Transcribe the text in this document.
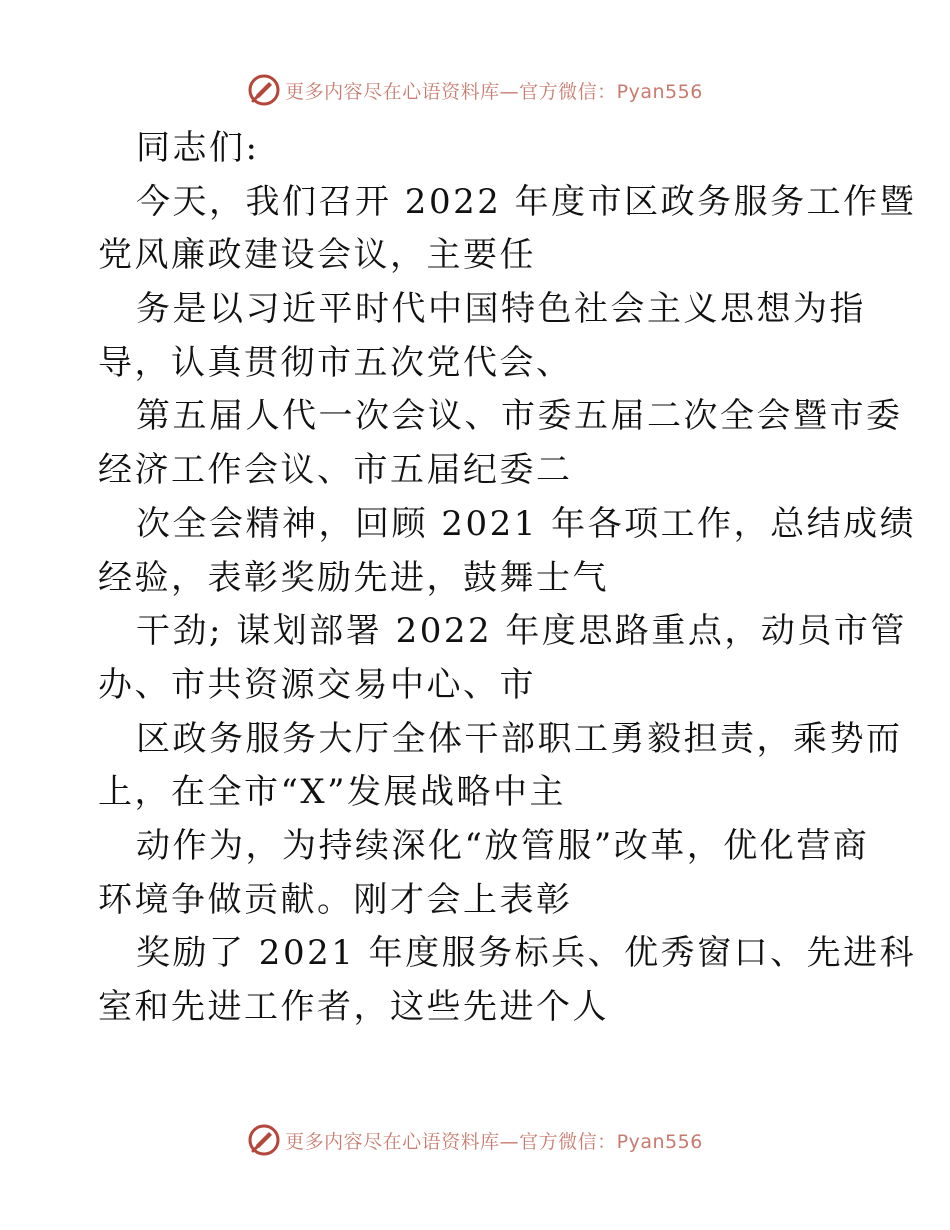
更多内容尽在心语资料库—官方微信：Pyan556
同志们:
今天，我们召开 2022 年度市区政务服务工作暨
党风廉政建设会议，主要任
务是以习近平时代中国特色社会主义思想为指
导，认真贯彻市五次党代会、
第五届人代一次会议、市委五届二次全会暨市委
经济工作会议、市五届纪委二
次全会精神，回顾 2021 年各项工作，总结成绩
经验，表彰奖励先进，鼓舞士气
干劲; 谋划部署 2022 年度思路重点，动员市管
办、市共资源交易中心、市
区政务服务大厅全体干部职工勇毅担责，乘势而
上，在全市“X”发展战略中主
动作为，为持续深化“放管服”改革，优化营商
环境争做贡献。刚才会上表彰
奖励了 2021 年度服务标兵、优秀窗口、先进科
室和先进工作者，这些先进个人
更多内容尽在心语资料库—官方微信：Pyan556
